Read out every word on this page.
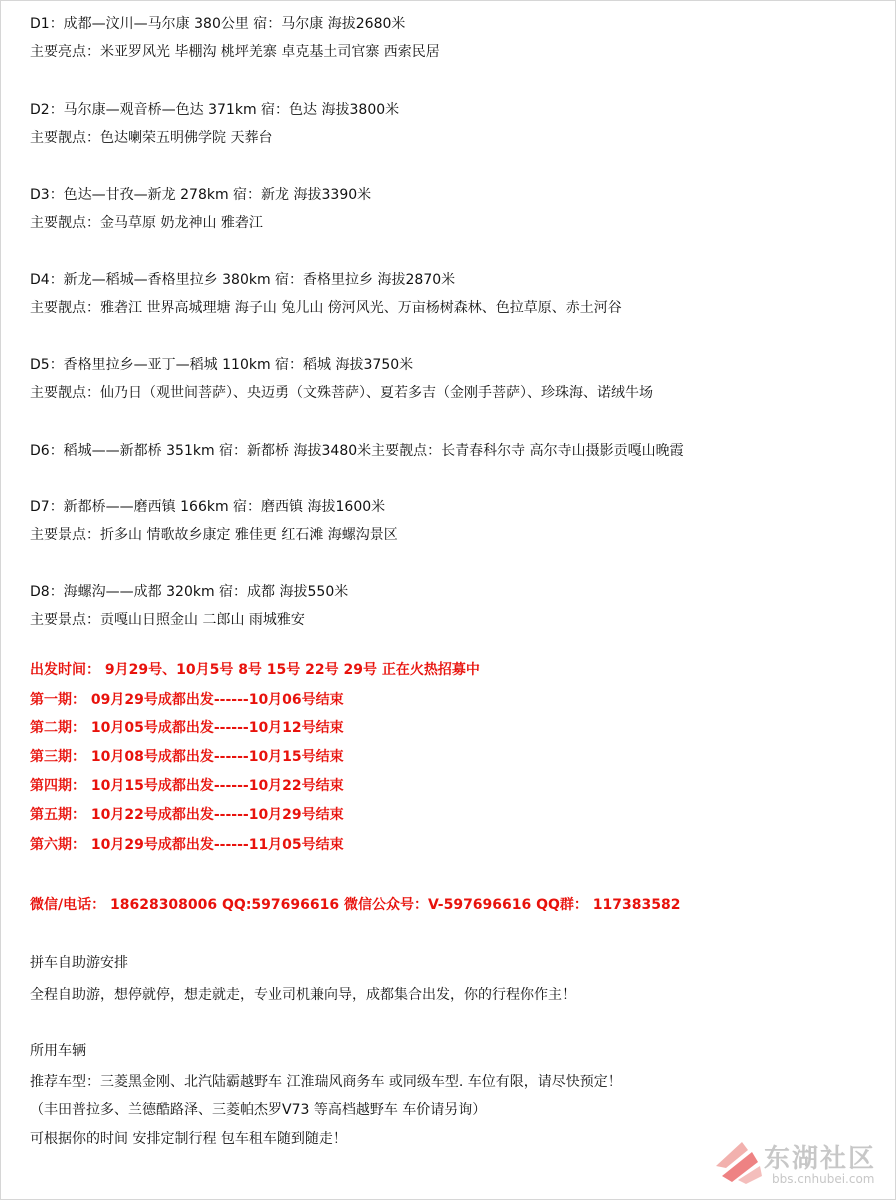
D1：成都—汶川—马尔康 380公里 宿：马尔康 海拔2680米
主要亮点：米亚罗风光 毕棚沟 桃坪羌寨 卓克基土司官寨 西索民居
D2：马尔康—观音桥—色达 371km 宿：色达 海拔3800米
主要靓点：色达喇荣五明佛学院 天葬台
D3：色达—甘孜—新龙 278km 宿：新龙 海拔3390米
主要靓点：金马草原 奶龙神山 雅砻江
D4：新龙—稻城—香格里拉乡 380km 宿：香格里拉乡 海拔2870米
主要靓点：雅砻江 世界高城理塘 海子山 兔儿山 傍河风光、万亩杨树森林、色拉草原、赤土河谷
D5：香格里拉乡—亚丁—稻城 110km 宿：稻城 海拔3750米
主要靓点：仙乃日（观世间菩萨）、央迈勇（文殊菩萨）、夏若多吉（金刚手菩萨）、珍珠海、诺绒牛场
D6：稻城——新都桥 351km 宿：新都桥 海拔3480米主要靓点：长青春科尔寺 高尔寺山摄影贡嘎山晚霞
D7：新都桥——磨西镇 166km 宿：磨西镇 海拔1600米
主要景点：折多山 情歌故乡康定 雅佳更 红石滩 海螺沟景区
D8：海螺沟——成都 320km 宿：成都 海拔550米
主要景点：贡嘎山日照金山 二郎山 雨城雅安
出发时间： 9月29号、10月5号 8号 15号 22号 29号 正在火热招募中
第一期： 09月29号成都出发------10月06号结束
第二期： 10月05号成都出发------10月12号结束
第三期： 10月08号成都出发------10月15号结束
第四期： 10月15号成都出发------10月22号结束
第五期： 10月22号成都出发------10月29号结束
第六期： 10月29号成都出发------11月05号结束
微信/电话： 18628308006 QQ:597696616 微信公众号：V-597696616 QQ群： 117383582
拼车自助游安排
全程自助游，想停就停，想走就走，专业司机兼向导，成都集合出发，你的行程你作主！
所用车辆
推荐车型：三菱黑金刚、北汽陆霸越野车 江淮瑞风商务车 或同级车型. 车位有限，请尽快预定！
（丰田普拉多、兰德酷路泽、三菱帕杰罗V73 等高档越野车 车价请另询）
可根据你的时间 安排定制行程 包车租车随到随走！
东湖社区
bbs.cnhubei.com
